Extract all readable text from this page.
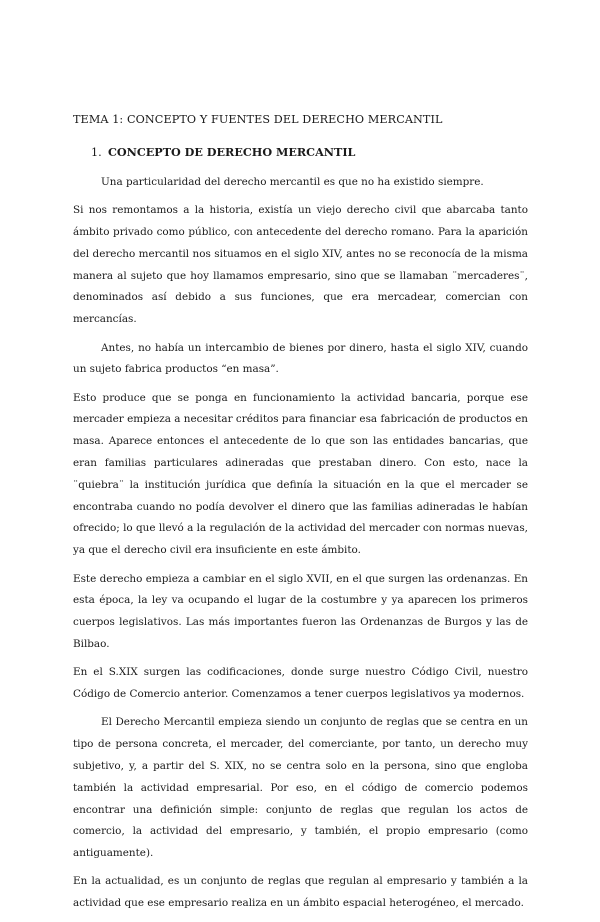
TEMA 1: CONCEPTO Y FUENTES DEL DERECHO MERCANTIL
1. CONCEPTO DE DERECHO MERCANTIL

Una particularidad del derecho mercantil es que no ha existido siempre.

Si nos remontamos a la historia, existía un viejo derecho civil que abarcaba tanto ámbito privado como público, con antecedente del derecho romano. Para la aparición del derecho mercantil nos situamos en el siglo XIV, antes no se reconocía de la misma manera al sujeto que hoy llamamos empresario, sino que se llamaban ¨mercaderes¨, denominados así debido a sus funciones, que era mercadear, comercian con mercancías.

Antes, no había un intercambio de bienes por dinero, hasta el siglo XIV, cuando un sujeto fabrica productos “en masa”.

Esto produce que se ponga en funcionamiento la actividad bancaria, porque ese mercader empieza a necesitar créditos para financiar esa fabricación de productos en masa. Aparece entonces el antecedente de lo que son las entidades bancarias, que eran familias particulares adineradas que prestaban dinero. Con esto, nace la ¨quiebra¨ la institución jurídica que definía la situación en la que el mercader se encontraba cuando no podía devolver el dinero que las familias adineradas le habían ofrecido; lo que llevó a la regulación de la actividad del mercader con normas nuevas, ya que el derecho civil era insuficiente en este ámbito.

Este derecho empieza a cambiar en el siglo XVII, en el que surgen las ordenanzas. En esta época, la ley va ocupando el lugar de la costumbre y ya aparecen los primeros cuerpos legislativos. Las más importantes fueron las Ordenanzas de Burgos y las de Bilbao.

En el S.XIX surgen las codificaciones, donde surge nuestro Código Civil, nuestro Código de Comercio anterior. Comenzamos a tener cuerpos legislativos ya modernos.

El Derecho Mercantil empieza siendo un conjunto de reglas que se centra en un tipo de persona concreta, el mercader, del comerciante, por tanto, un derecho muy subjetivo, y, a partir del S. XIX, no se centra solo en la persona, sino que engloba también la actividad empresarial. Por eso, en el código de comercio podemos encontrar una definición simple: conjunto de reglas que regulan los actos de comercio, la actividad del empresario, y también, el propio empresario (como antiguamente).

En la actualidad, es un conjunto de reglas que regulan al empresario y también a la actividad que ese empresario realiza en un ámbito espacial heterogéneo, el mercado.
